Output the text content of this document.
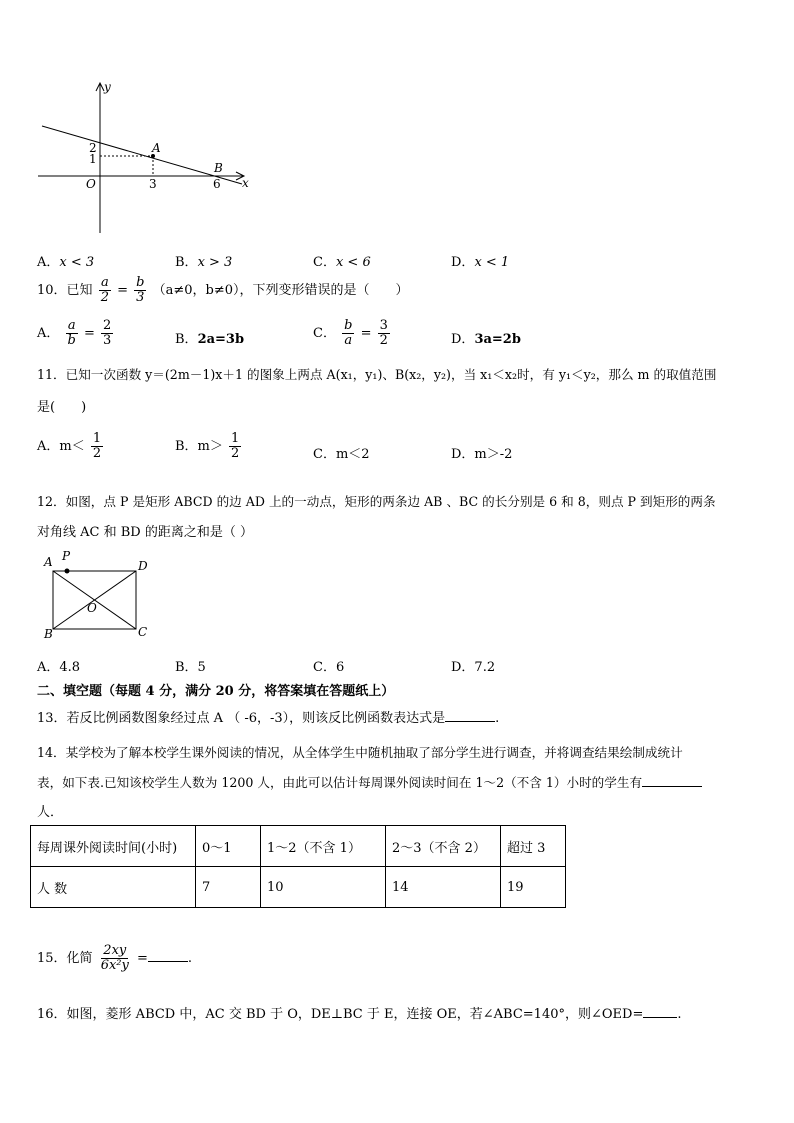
y
x
O
2
1
3	6
A
B
A．x < 3	B．x > 3	C．x < 6	D．x < 1
10．已知 $\frac{a}{2} = \frac{b}{3} (a\ne 0$，b≠0），下列变形错误的是（　　）
A． $\frac{a}{b} = \frac{2}{3}$	B．2a=3b	C． $\frac{b}{a} = \frac{3}{2}$	D．3a=2b
11．已知一次函数 y＝(2m－1)x＋1 的图象上两点 A(x₁，y₁)、B(x₂，y₂)，当 x₁＜x₂时，有 y₁＜y₂，那么 m 的取值范围
是(　　)
A．$m< \frac{1}{2}$	B．$m> \frac{1}{2}$	C．m＜2	D．m＞-2
12．如图，点 P 是矩形 ABCD 的边 AD 上的一动点，矩形的两条边 AB 、BC 的长分别是 6 和 8，则点 P 到矩形的两条
对角线 AC 和 BD 的距离之和是（ ）
A P
D
O
B	C
A．4.8	B．5	C．6	D．7.2
二、填空题（每题 4 分，满分 20 分，将答案填在答题纸上）
13．若反比例函数图象经过点 A （ -6，-3），则该反比例函数表达式是	.
14．某学校为了解本校学生课外阅读的情况，从全体学生中随机抽取了部分学生进行调查，并将调查结果绘制成统计
表，如下表.已知该校学生人数为 1200 人，由此可以估计每周课外阅读时间在 1～2（不含 1）小时的学生有
人．
每周课外阅读时间(小时)	0～1	1～2（不含 1）	2～3（不含 2）	超过 3
人 数	7	10	14	19
15．化简 $\frac{2xy}{\text{6x²y}}$ =	.
16．如图，菱形 ABCD 中，AC 交 BD 于 O，DE⊥BC 于 E，连接 OE，若∠ABC=140°，则∠OED=	.
